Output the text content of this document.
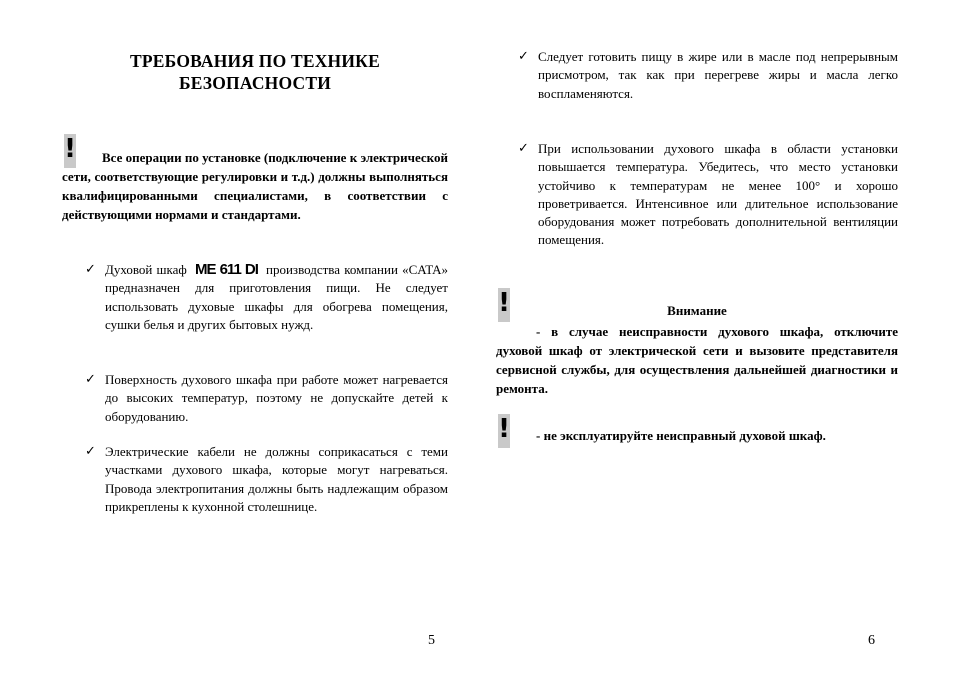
ТРЕБОВАНИЯ ПО ТЕХНИКЕ
БЕЗОПАСНОСТИ
!	Все операции по установке (подключение к электрической сети, соответствующие регулировки и т.д.) должны выполняться квалифицированными специалистами, в соответствии с действующими нормами и стандартами.

✓ Духовой шкаф ME 611 DI производства компании «CATA» предназначен для приготовления пищи. Не следует использовать духовые шкафы для обогрева помещения, сушки белья и других бытовых нужд.
✓ Поверхность духового шкафа при работе может нагревается до высоких температур, поэтому не допускайте детей к оборудованию.
✓ Электрические кабели не должны соприкасаться с теми участками духового шкафа, которые могут нагреваться. Провода электропитания должны быть надлежащим образом прикреплены к кухонной столешнице.
5
✓ Следует готовить пищу в жире или в масле под непрерывным присмотром, так как при перегреве жиры и масла легко воспламеняются.
✓ При использовании духового шкафа в области установки повышается температура. Убедитесь, что место установки устойчиво к температурам не менее 100° и хорошо проветривается. Интенсивное или длительное использование оборудования может потребовать дополнительной вентиляции помещения.
!	Внимание

- в случае неисправности духового шкафа, отключите духовой шкаф от электрической сети и вызовите представителя сервисной службы, для осуществления дальнейшей диагностики и ремонта.

! - не эксплуатируйте неисправный духовой шкаф.

6
